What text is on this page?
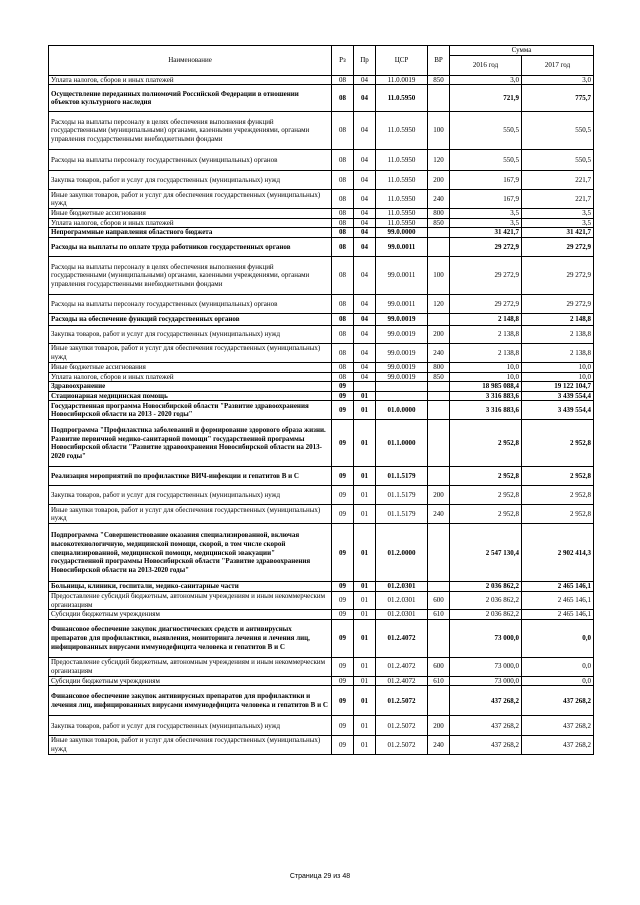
Наименование	Рз	Пр	ЦСР	ВР	Сумма	
					2016 год	2017 год
Уплата налогов, сборов и иных платежей	08	04	11.0.0019	850	3,0	3,0
Осуществление переданных полномочий Российской Федерации в отношении объектов культурного наследия	08	04	11.0.5950		721,9	775,7
Расходы на выплаты персоналу в целях обеспечения выполнения функций государственными (муниципальными) органами, казенными учреждениями, органами управления государственными внебюджетными фондами	08	04	11.0.5950	100	550,5	550,5
Расходы на выплаты персоналу государственных (муниципальных) органов	08	04	11.0.5950	120	550,5	550,5
Закупка товаров, работ и услуг для государственных (муниципальных) нужд	08	04	11.0.5950	200	167,9	221,7
Иные закупки товаров, работ и услуг для обеспечения государственных (муниципальных) нужд	08	04	11.0.5950	240	167,9	221,7
Иные бюджетные ассигнования	08	04	11.0.5950	800	3,5	3,5
Уплата налогов, сборов и иных платежей	08	04	11.0.5950	850	3,5	3,5
Непрограммные направления областного бюджета	08	04	99.0.0000		31 421,7	31 421,7
Расходы на выплаты по оплате труда работников государственных органов	08	04	99.0.0011		29 272,9	29 272,9
Расходы на выплаты персоналу в целях обеспечения выполнения функций государственными (муниципальными) органами, казенными учреждениями, органами управления государственными внебюджетными фондами	08	04	99.0.0011	100	29 272,9	29 272,9
Расходы на выплаты персоналу государственных (муниципальных) органов	08	04	99.0.0011	120	29 272,9	29 272,9
Расходы на обеспечение функций государственных органов	08	04	99.0.0019		2 148,8	2 148,8
Закупка товаров, работ и услуг для государственных (муниципальных) нужд	08	04	99.0.0019	200	2 138,8	2 138,8
Иные закупки товаров, работ и услуг для обеспечения государственных (муниципальных) нужд	08	04	99.0.0019	240	2 138,8	2 138,8
Иные бюджетные ассигнования	08	04	99.0.0019	800	10,0	10,0
Уплата налогов, сборов и иных платежей	08	04	99.0.0019	850	10,0	10,0
Здравоохранение	09				18 985 088,4	19 122 104,7
Стационарная медицинская помощь	09	01			3 316 883,6	3 439 554,4
Государственная программа Новосибирской области "Развитие здравоохранения Новосибирской области на 2013 - 2020 годы"	09	01	01.0.0000		3 316 883,6	3 439 554,4
Подпрограмма "Профилактика заболеваний и формирование здорового образа жизни. Развитие первичной медико-санитарной помощи" государственной программы Новосибирской области "Развитие здравоохранения Новосибирской области на 2013-2020 годы"	09	01	01.1.0000		2 952,8	2 952,8
Реализация мероприятий по профилактике ВИЧ-инфекции и гепатитов В и С	09	01	01.1.5179		2 952,8	2 952,8
Закупка товаров, работ и услуг для государственных (муниципальных) нужд	09	01	01.1.5179	200	2 952,8	2 952,8
Иные закупки товаров, работ и услуг для обеспечения государственных (муниципальных) нужд	09	01	01.1.5179	240	2 952,8	2 952,8
Подпрограмма "Совершенствование оказания специализированной, включая высокотехнологичную, медицинской помощи, скорой, в том числе скорой специализированной, медицинской помощи, медицинской эвакуации" государственной программы Новосибирской области "Развитие здравоохранения Новосибирской области на 2013-2020 годы"	09	01	01.2.0000		2 547 130,4	2 902 414,3
Больницы, клиники, госпитали, медико-санитарные части	09	01	01.2.0301		2 036 862,2	2 465 146,1
Предоставление субсидий бюджетным, автономным учреждениям и иным некоммерческим организациям	09	01	01.2.0301	600	2 036 862,2	2 465 146,1
Субсидии бюджетным учреждениям	09	01	01.2.0301	610	2 036 862,2	2 465 146,1
Финансовое обеспечение закупок диагностических средств и антивирусных препаратов для профилактики, выявления, мониторинга лечения и лечения лиц, инфицированных вирусами иммунодефицита человека и гепатитов В и С	09	01	01.2.4072		73 000,0	0,0
Предоставление субсидий бюджетным, автономным учреждениям и иным некоммерческим организациям	09	01	01.2.4072	600	73 000,0	0,0
Субсидии бюджетным учреждениям	09	01	01.2.4072	610	73 000,0	0,0
Финансовое обеспечение закупок антивирусных препаратов для профилактики и лечения лиц, инфицированных вирусами иммунодефицита человека и гепатитов В и С	09	01	01.2.5072		437 268,2	437 268,2
Закупка товаров, работ и услуг для государственных (муниципальных) нужд	09	01	01.2.5072	200	437 268,2	437 268,2
Иные закупки товаров, работ и услуг для обеспечения государственных (муниципальных) нужд	09	01	01.2.5072	240	437 268,2	437 268,2
Страница 29 из 48
